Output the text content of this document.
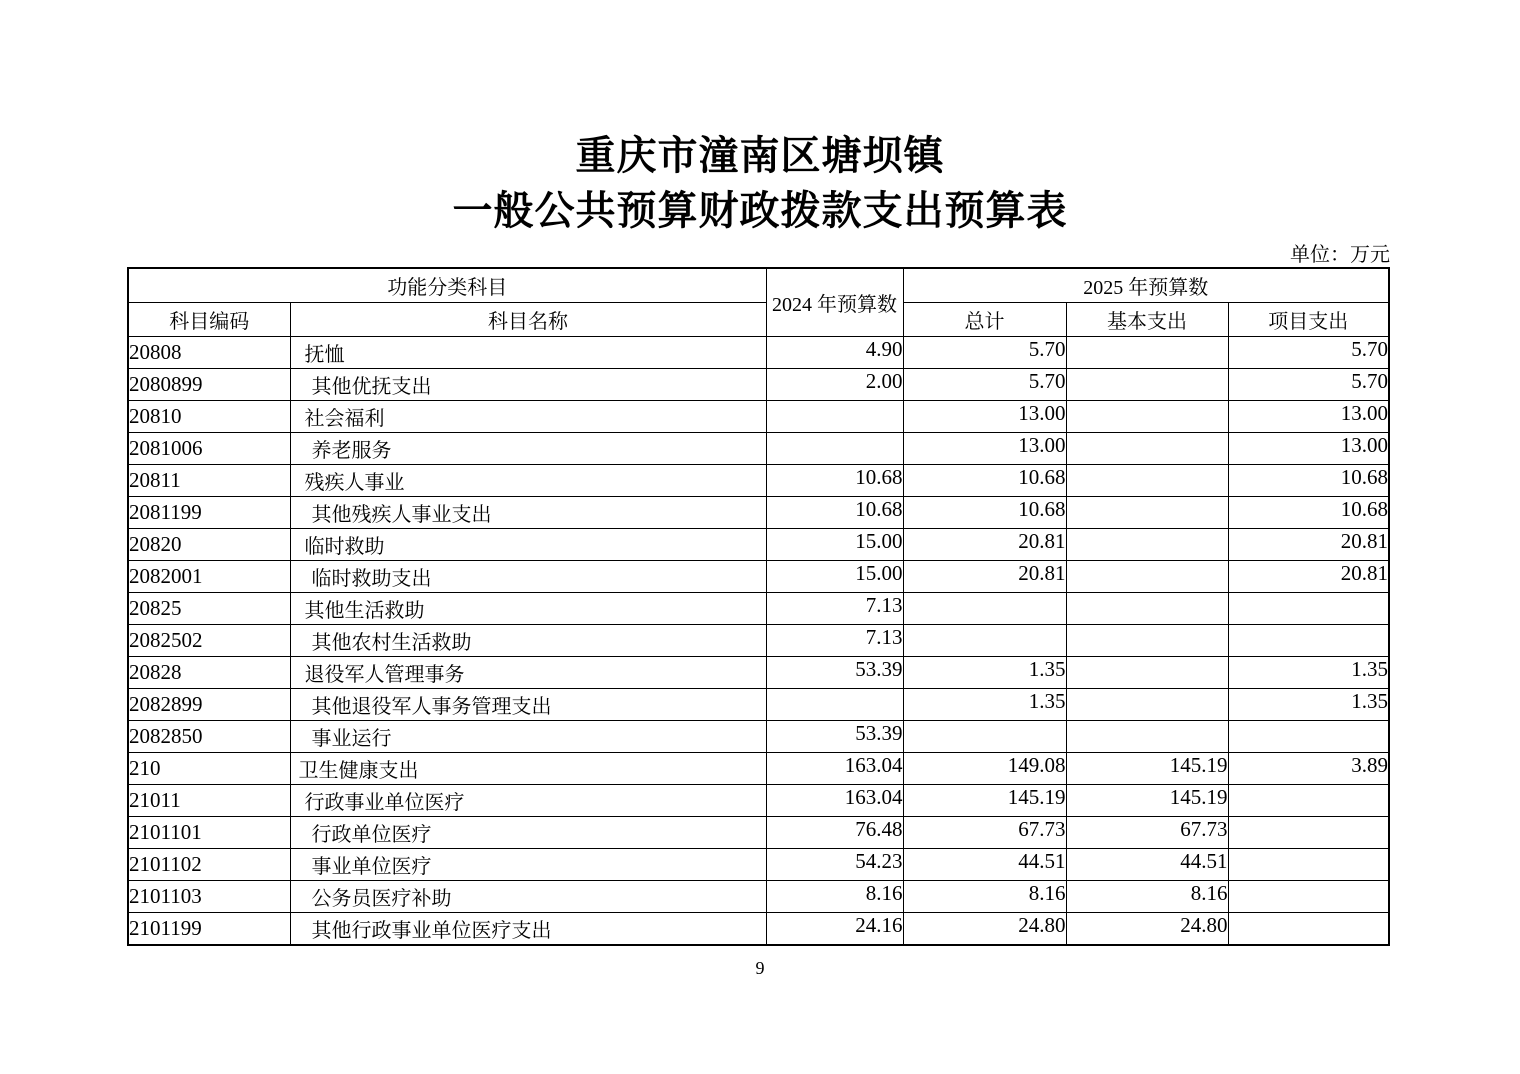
重庆市潼南区塘坝镇
一般公共预算财政拨款支出预算表
单位：万元
功能分类科目		2024 年预算数	2025 年预算数		
科目编码	科目名称		总计	基本支出	项目支出
20808	抚恤	4.90	5.70		5.70
2080899	其他优抚支出	2.00	5.70		5.70
20810	社会福利		13.00		13.00
2081006	养老服务		13.00		13.00
20811	残疾人事业	10.68	10.68		10.68
2081199	其他残疾人事业支出	10.68	10.68		10.68
20820	临时救助	15.00	20.81		20.81
2082001	临时救助支出	15.00	20.81		20.81
20825	其他生活救助	7.13			
2082502	其他农村生活救助	7.13			
20828	退役军人管理事务	53.39	1.35		1.35
2082899	其他退役军人事务管理支出		1.35		1.35
2082850	事业运行	53.39			
210	卫生健康支出	163.04	149.08	145.19	3.89
21011	行政事业单位医疗	163.04	145.19	145.19	
2101101	行政单位医疗	76.48	67.73	67.73	
2101102	事业单位医疗	54.23	44.51	44.51	
2101103	公务员医疗补助	8.16	8.16	8.16	
2101199	其他行政事业单位医疗支出	24.16	24.80	24.80	
9
